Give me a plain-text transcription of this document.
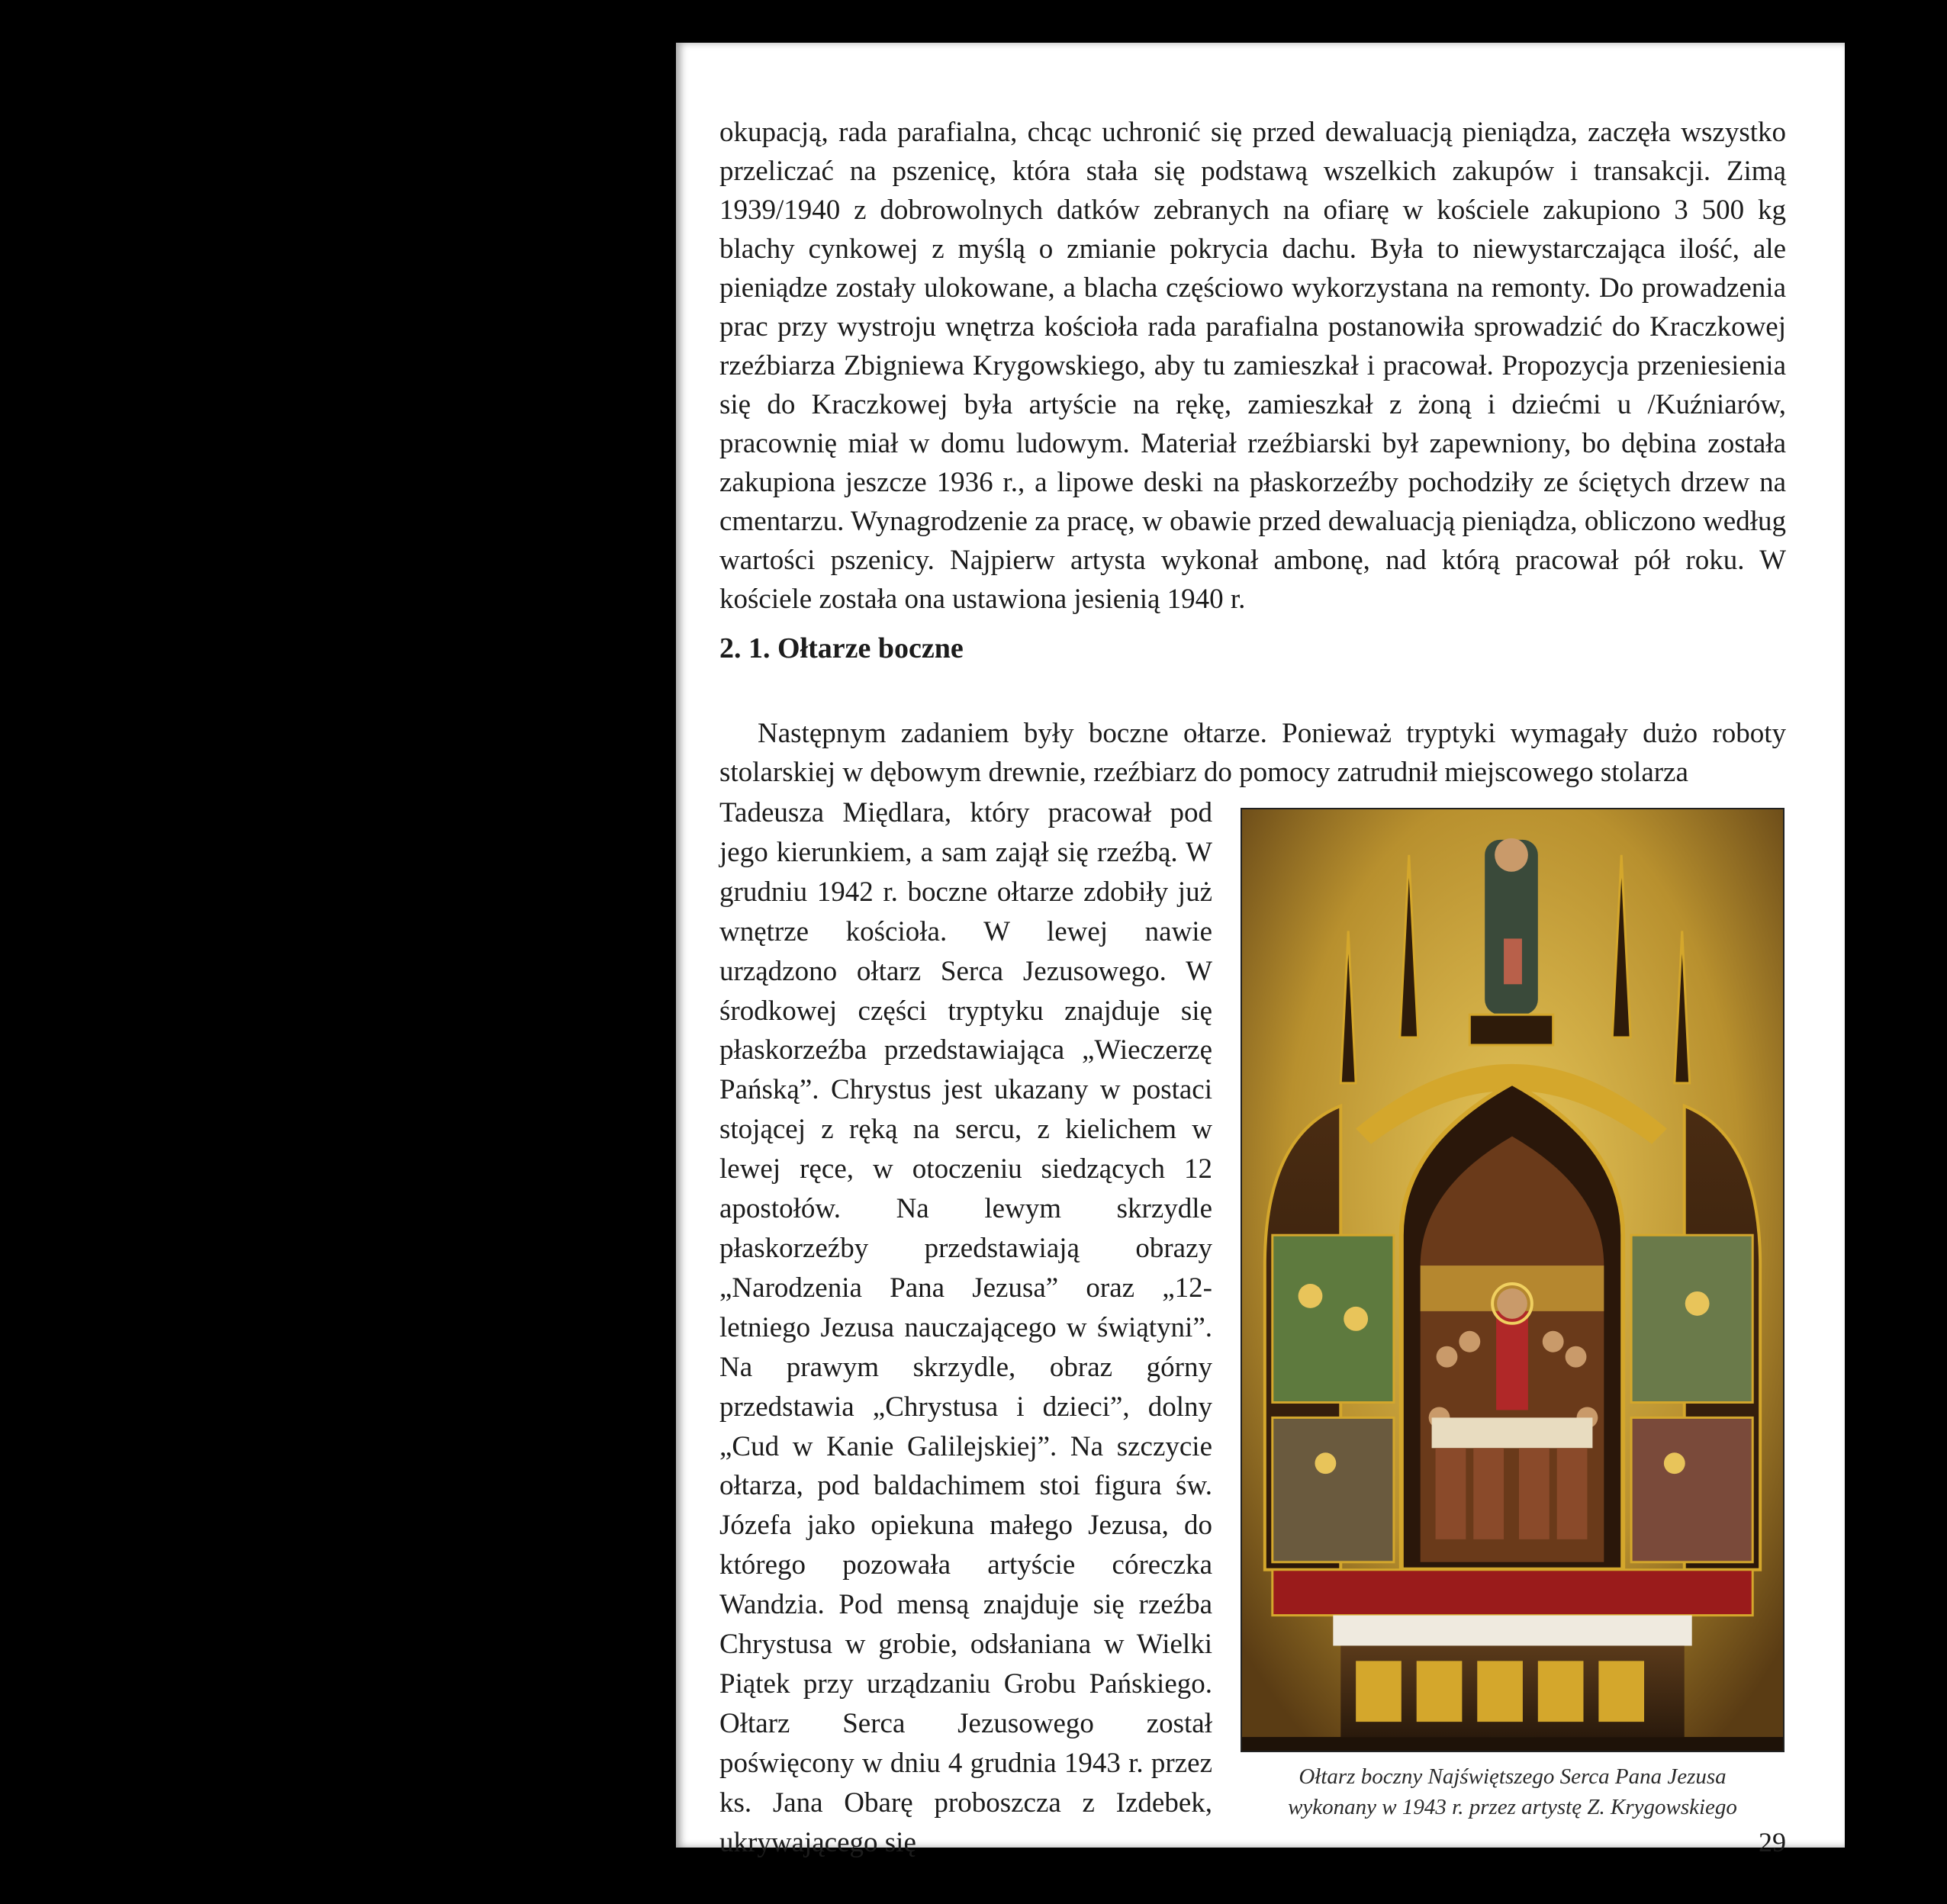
okupacją, rada parafialna, chcąc uchronić się przed dewaluacją pieniądza, zaczęła wszystko przeliczać na pszenicę, która stała się podstawą wszelkich zakupów i transakcji. Zimą 1939/1940 z dobrowolnych datków zebranych na ofiarę w kościele zakupiono 3 500 kg blachy cynkowej z myślą o zmianie pokrycia dachu. Była to niewystarczająca ilość, ale pieniądze zostały ulokowane, a blacha częściowo wykorzystana na remonty. Do prowadzenia prac przy wystroju wnętrza kościoła rada parafialna postanowiła sprowadzić do Kraczkowej rzeźbiarza Zbigniewa Krygowskiego, aby tu zamieszkał i pracował. Propozycja przeniesienia się do Kraczkowej była artyście na rękę, zamieszkał z żoną i dziećmi u /Kuźniarów, pracownię miał w domu ludowym. Materiał rzeźbiarski był zapewniony, bo dębina została zakupiona jeszcze 1936 r., a lipowe deski na płaskorzeźby pochodziły ze ściętych drzew na cmentarzu. Wynagrodzenie za pracę, w obawie przed dewaluacją pieniądza, obliczono według wartości pszenicy. Najpierw artysta wykonał ambonę, nad którą pracował pół roku. W kościele została ona ustawiona jesienią 1940 r.

2. 1. Ołtarze boczne

Następnym zadaniem były boczne ołtarze. Ponieważ tryptyki wymagały dużo roboty stolarskiej w dębowym drewnie, rzeźbiarz do pomocy zatrudnił miejscowego stolarza

Tadeusza Międlara, który pracował pod jego kierunkiem, a sam zajął się rzeźbą. W grudniu 1942 r. boczne ołtarze zdobiły już wnętrze kościoła. W lewej nawie urządzono ołtarz Serca Jezusowego. W środkowej części tryptyku znajduje się płaskorzeźba przedstawiająca „Wieczerzę Pańską”. Chrystus jest ukazany w postaci stojącej z ręką na sercu, z kielichem w lewej ręce, w otoczeniu siedzących 12 apostołów. Na lewym skrzydle płaskorzeźby przedstawiają obrazy „Narodzenia Pana Jezusa” oraz „12-letniego Jezusa nauczającego w świątyni”. Na prawym skrzydle, obraz górny przedstawia „Chrystusa i dzieci”, dolny „Cud w Kanie Galilejskiej”. Na szczycie ołtarza, pod baldachimem stoi figura św. Józefa jako opiekuna małego Jezusa, do którego pozowała artyście córeczka Wandzia. Pod mensą znajduje się rzeźba Chrystusa w grobie, odsłaniana w Wielki Piątek przy urządzaniu Grobu Pańskiego. Ołtarz Serca Jezusowego został poświęcony w dniu 4 grudnia 1943 r. przez ks. Jana Obarę proboszcza z Izdebek, ukrywającego się

Ołtarz boczny Najświętszego Serca Pana Jezusa
wykonany w 1943 r. przez artystę Z. Krygowskiego
29
